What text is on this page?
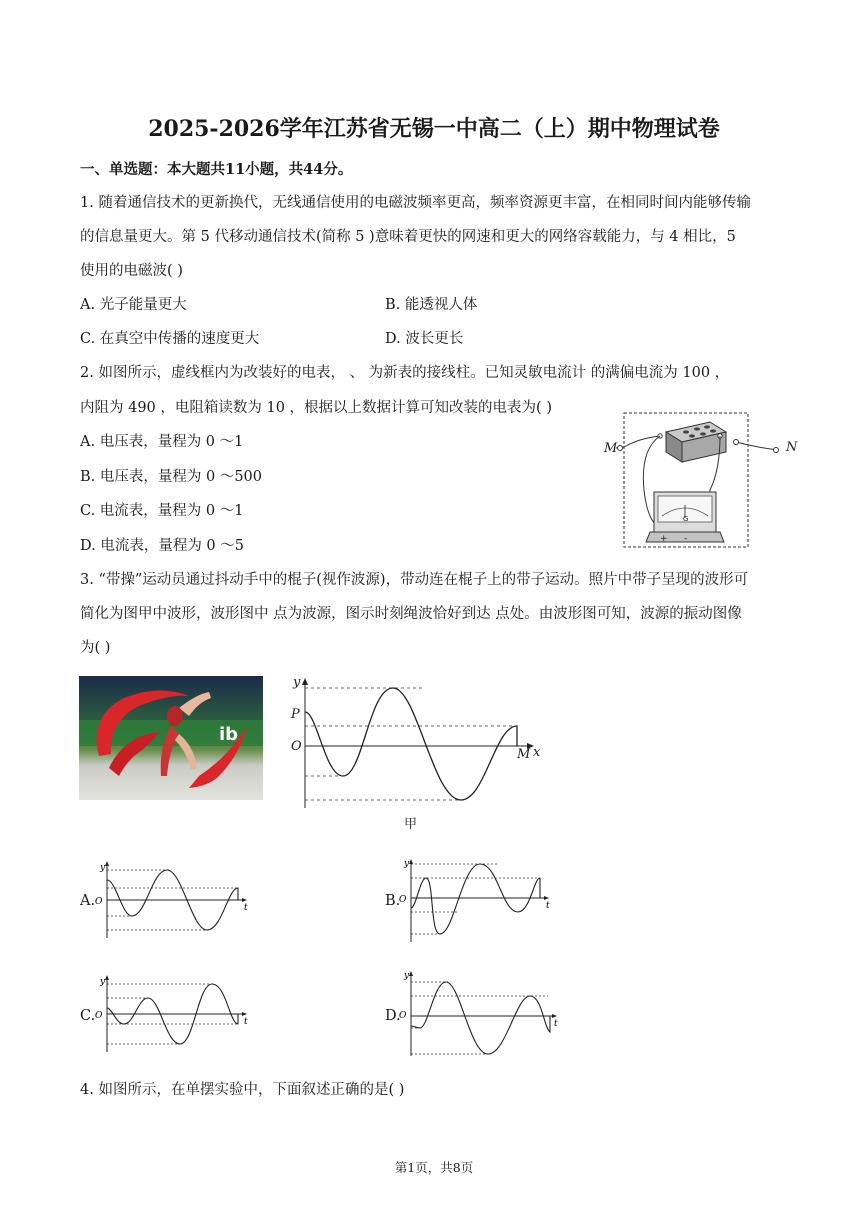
2025-2026学年江苏省无锡一中高二（上）期中物理试卷
一、单选题：本大题共11小题，共44分。
1. 随着通信技术的更新换代，无线通信使用的电磁波频率更高，频率资源更丰富，在相同时间内能够传输
的信息量更大。第 5 代移动通信技术(简称 5 )意味着更快的网速和更大的网络容载能力，与 4 相比，5
使用的电磁波( )
A. 光子能量更大	B. 能透视人体
C. 在真空中传播的速度更大	D. 波长更长
2. 如图所示，虚线框内为改装好的电表， 、 为新表的接线柱。已知灵敏电流计 的满偏电流为 100 ，
内阻为 490 ，电阻箱读数为 10 ，根据以上数据计算可知改装的电表为( )
A. 电压表，量程为 0 ～1
B. 电压表，量程为 0 ～500
C. 电流表，量程为 0 ～1
D. 电流表，量程为 0 ～5
M	N
G
+ -
3. “带操”运动员通过抖动手中的棍子(视作波源)，带动连在棍子上的带子运动。照片中带子呈现的波形可
简化为图甲中波形，波形图中 点为波源，图示时刻绳波恰好到达 点处。由波形图可知，波源的振动图像
为( )
ib
y
P
O
M x
甲
A.	B.
C.	D.
y
O
t
y
O
t
y
O
t
y
O
t
4. 如图所示，在单摆实验中，下面叙述正确的是( )
第1页，共8页
